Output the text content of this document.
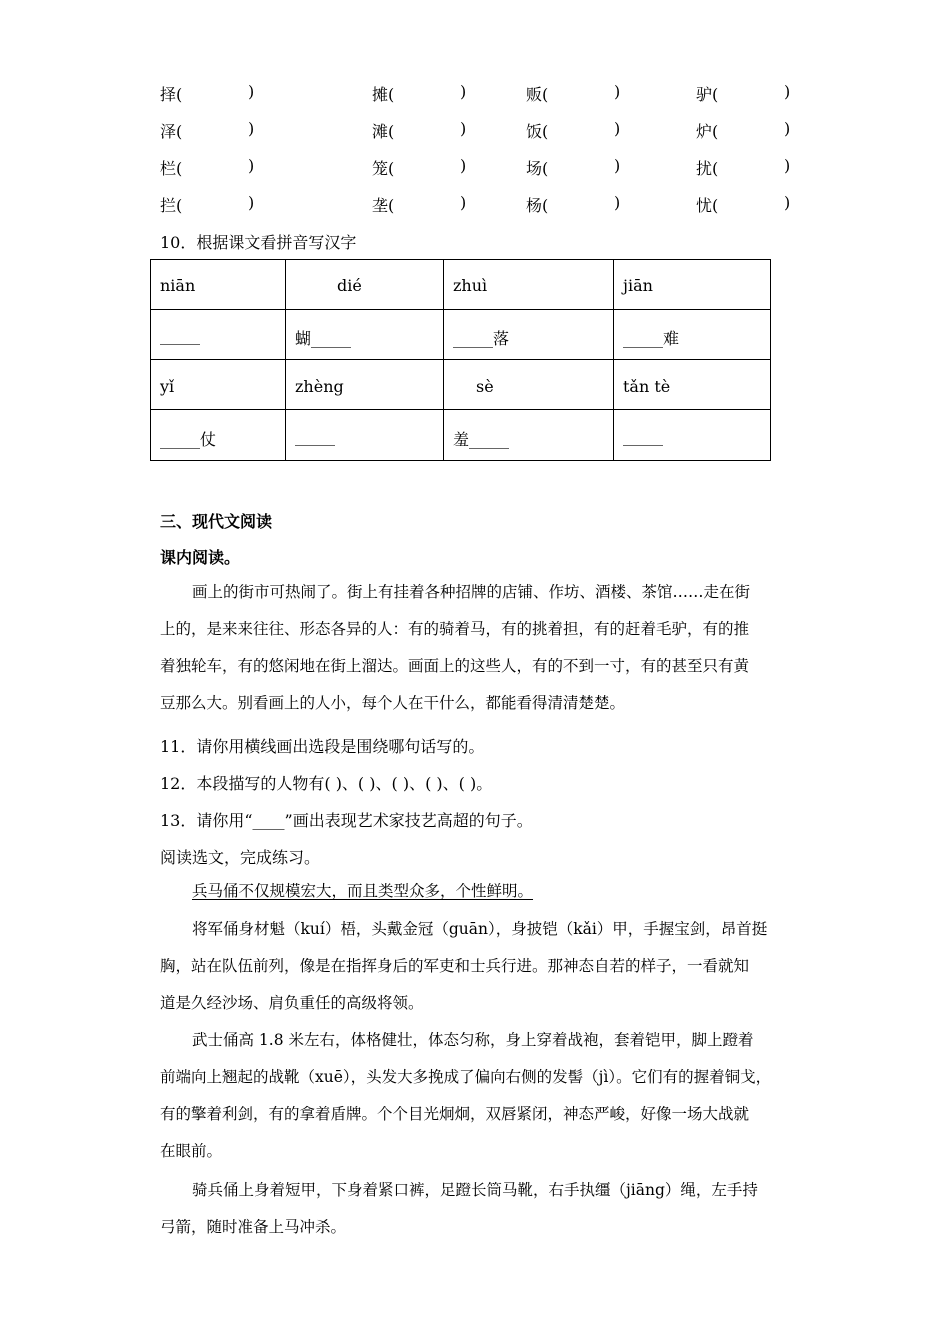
择(	)	摊(	)	贩(	)	驴(	)
泽(	)	滩(	)	饭(	)	炉(	)
栏(	)	笼(	)	场(	)	扰(	)
拦(	)	垄(	)	杨(	)	忧(	)
10．根据课文看拼音写汉字
niān	dié	zhuì	jiān
_____	蝴_____	_____落	_____难
yǐ	zhèng	sè	tǎn tè
_____仗	_____	羞_____	_____
三、现代文阅读
课内阅读。
画上的街市可热闹了。街上有挂着各种招牌的店铺、作坊、酒楼、茶馆……走在街
上的，是来来往往、形态各异的人：有的骑着马，有的挑着担，有的赶着毛驴，有的推
着独轮车，有的悠闲地在街上溜达。画面上的这些人，有的不到一寸，有的甚至只有黄
豆那么大。别看画上的人小，每个人在干什么，都能看得清清楚楚。
11．请你用横线画出选段是围绕哪句话写的。
12．本段描写的人物有( )、( )、( )、( )、( )。
13．请你用“____”画出表现艺术家技艺高超的句子。
阅读选文，完成练习。
兵马俑不仅规模宏大，而且类型众多，个性鲜明。
将军俑身材魁（kuí）梧，头戴金冠（guān），身披铠（kǎi）甲，手握宝剑，昂首挺
胸，站在队伍前列，像是在指挥身后的军吏和士兵行进。那神态自若的样子，一看就知
道是久经沙场、肩负重任的高级将领。
武士俑高 1.8 米左右，体格健壮，体态匀称，身上穿着战袍，套着铠甲，脚上蹬着
前端向上翘起的战靴（xuē），头发大多挽成了偏向右侧的发髻（jì）。它们有的握着铜戈，
有的擎着利剑，有的拿着盾牌。个个目光炯炯，双唇紧闭，神态严峻，好像一场大战就
在眼前。
骑兵俑上身着短甲，下身着紧口裤，足蹬长筒马靴，右手执缰（jiāng）绳，左手持
弓箭，随时准备上马冲杀。
